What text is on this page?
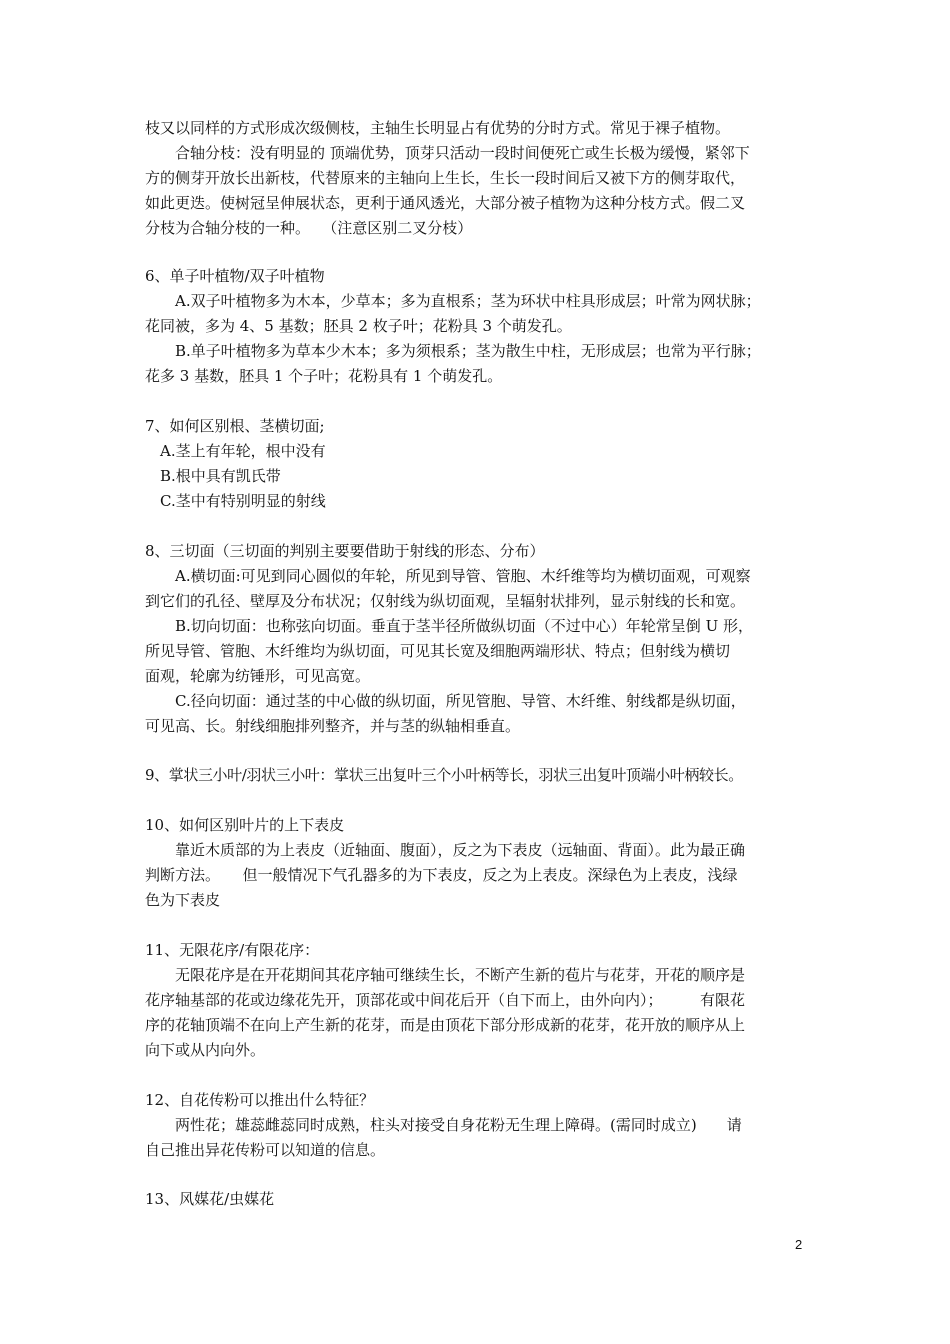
枝又以同样的方式形成次级侧枝，主轴生长明显占有优势的分时方式。常见于裸子植物。
　　合轴分枝：没有明显的 顶端优势，顶芽只活动一段时间便死亡或生长极为缓慢，紧邻下
方的侧芽开放长出新枝，代替原来的主轴向上生长，生长一段时间后又被下方的侧芽取代，
如此更迭。使树冠呈伸展状态，更利于通风透光，大部分被子植物为这种分枝方式。假二叉
分枝为合轴分枝的一种。　 （注意区别二叉分枝）
6、单子叶植物/双子叶植物
　　A.双子叶植物多为木本，少草本；多为直根系；茎为环状中柱具形成层；叶常为网状脉；
花同被，多为 4、5 基数；胚具 2 枚子叶；花粉具 3 个萌发孔。
　　B.单子叶植物多为草本少木本；多为须根系；茎为散生中柱，无形成层；也常为平行脉；
花多 3 基数，胚具 1 个子叶；花粉具有 1 个萌发孔。
7、如何区别根、茎横切面;
　A.茎上有年轮，根中没有
　B.根中具有凯氏带
　C.茎中有特别明显的射线
8、三切面（三切面的判别主要要借助于射线的形态、分布）
　　A.横切面:可见到同心圆似的年轮，所见到导管、管胞、木纤维等均为横切面观，可观察
到它们的孔径、壁厚及分布状况；仅射线为纵切面观，呈辐射状排列，显示射线的长和宽。
　　B.切向切面：也称弦向切面。垂直于茎半径所做纵切面（不过中心）年轮常呈倒 U 形，
所见导管、管胞、木纤维均为纵切面，可见其长宽及细胞两端形状、特点；但射线为横切
面观，轮廓为纺锤形，可见高宽。
　　C.径向切面：通过茎的中心做的纵切面，所见管胞、导管、木纤维、射线都是纵切面，
可见高、长。射线细胞排列整齐，并与茎的纵轴相垂直。
9、掌状三小叶/羽状三小叶：掌状三出复叶三个小叶柄等长，羽状三出复叶顶端小叶柄较长。
10、如何区别叶片的上下表皮
　　靠近木质部的为上表皮（近轴面、腹面），反之为下表皮（远轴面、背面）。此为最正确
判断方法。　　但一般情况下气孔器多的为下表皮，反之为上表皮。深绿色为上表皮，浅绿
色为下表皮
11、无限花序/有限花序：
　　无限花序是在开花期间其花序轴可继续生长，不断产生新的苞片与花芽，开花的顺序是
花序轴基部的花或边缘花先开，顶部花或中间花后开（自下而上，由外向内）；　　　有限花
序的花轴顶端不在向上产生新的花芽，而是由顶花下部分形成新的花芽，花开放的顺序从上
向下或从内向外。
12、自花传粉可以推出什么特征？
　　两性花；雄蕊雌蕊同时成熟，柱头对接受自身花粉无生理上障碍。(需同时成立)　　请
自己推出异花传粉可以知道的信息。
13、风媒花/虫媒花
2
